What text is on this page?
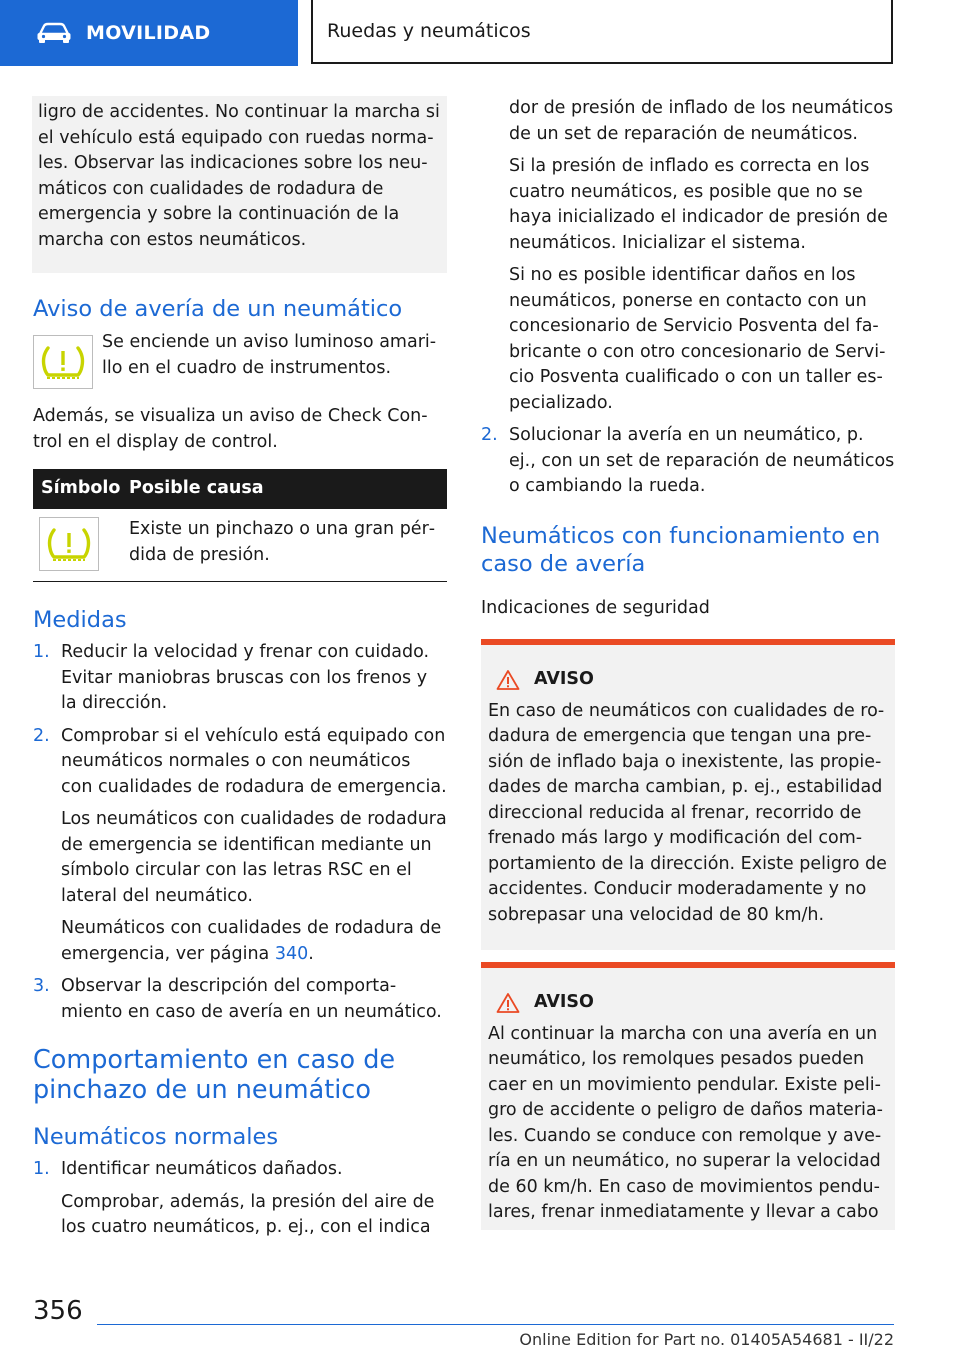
MOVILIDAD	Ruedas y neumáticos

ligro de accidentes. No continuar la marcha si el vehículo está equipado con ruedas normales. Observar las indicaciones sobre los neumáticos con cualidades de rodadura de emergencia y sobre la continuación de la marcha con estos neumáticos.

Aviso de avería de un neumático

Se enciende un aviso luminoso amarillo en el cuadro de instrumentos.

Además, se visualiza un aviso de Check Control en el display de control.

Símbolo	Posible causa

	Existe un pinchazo o una gran pérdida de presión.
Medidas
1. Reducir la velocidad y frenar con cuidado. Evitar maniobras bruscas con los frenos y la dirección.

2. Comprobar si el vehículo está equipado con neumáticos normales o con neumáticos con cualidades de rodadura de emergencia.

Los neumáticos con cualidades de rodadura de emergencia se identifican mediante un símbolo circular con las letras RSC en el lateral del neumático.

Neumáticos con cualidades de rodadura de emergencia, ver página 340.

3. Observar la descripción del comportamiento en caso de avería en un neumático.

Comportamiento en caso de pinchazo de un neumático
Neumáticos normales
1. Identificar neumáticos dañados.

Comprobar, además, la presión del aire de los cuatro neumáticos, p. ej., con el indica

dor de presión de inflado de los neumáticos de un set de reparación de neumáticos.

Si la presión de inflado es correcta en los cuatro neumáticos, es posible que no se haya inicializado el indicador de presión de neumáticos. Inicializar el sistema.

Si no es posible identificar daños en los neumáticos, ponerse en contacto con un concesionario de Servicio Posventa del fabricante o con otro concesionario de Servicio Posventa cualificado o con un taller especializado.

2. Solucionar la avería en un neumático, p. ej., con un set de reparación de neumáticos o cambiando la rueda.

Neumáticos con funcionamiento en caso de avería

Indicaciones de seguridad

AVISO

En caso de neumáticos con cualidades de rodadura de emergencia que tengan una presión de inflado baja o inexistente, las propiedades de marcha cambian, p. ej., estabilidad direccional reducida al frenar, recorrido de frenado más largo y modificación del comportamiento de la dirección. Existe peligro de accidentes. Conducir moderadamente y no sobrepasar una velocidad de 80 km/h.

AVISO

Al continuar la marcha con una avería en un neumático, los remolques pesados pueden caer en un movimiento pendular. Existe peligro de accidente o peligro de daños materiales. Cuando se conduce con remolque y avería en un neumático, no superar la velocidad de 60 km/h. En caso de movimientos pendulares, frenar inmediatamente y llevar a cabo

356
Online Edition for Part no. 01405A54681 - II/22
